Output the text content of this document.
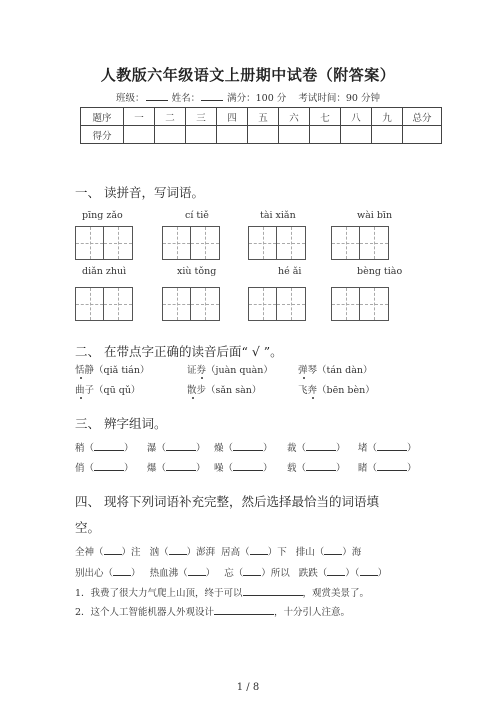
人教版六年级语文上册期中试卷（附答案）
班级：	姓名：	满分：100 分 考试时间：90 分钟
题序	一	二	三	四	五	六	七	八	九	总分
得分										
一、 读拼音，写词语。
pīng zǎo	cí tiě	tài xiǎn	wài bīn
diǎn zhuì	xiù tǒng	hé ǎi	bèng tiào
二、 在带点字正确的读音后面“ √ ”。
恬静（qiǎ tián）	证券（juàn quàn）	弹琴（tán dàn）
曲子（qū qǔ）	散步（sǎn sàn）	飞奔（bēn bèn）
三、 辨字组词。
稍（	） 瀑（	） 燥（	） 裁（	） 堵（	）
俏（	） 爆（	） 噪（	） 载（	） 睹（	）
四、 现将下列词语补充完整，然后选择最恰当的词语填
空。
全神（ ）注 汹（ ）澎湃 居高（ ）下 排山（ ）海
别出心（ ） 热血沸（ ） 忘（ ）所以 跌跌（ ）（ ）
1．我费了很大力气爬上山顶，终于可以	，观赏美景了。
2．这个人工智能机器人外观设计	，十分引人注意。
1 / 8
